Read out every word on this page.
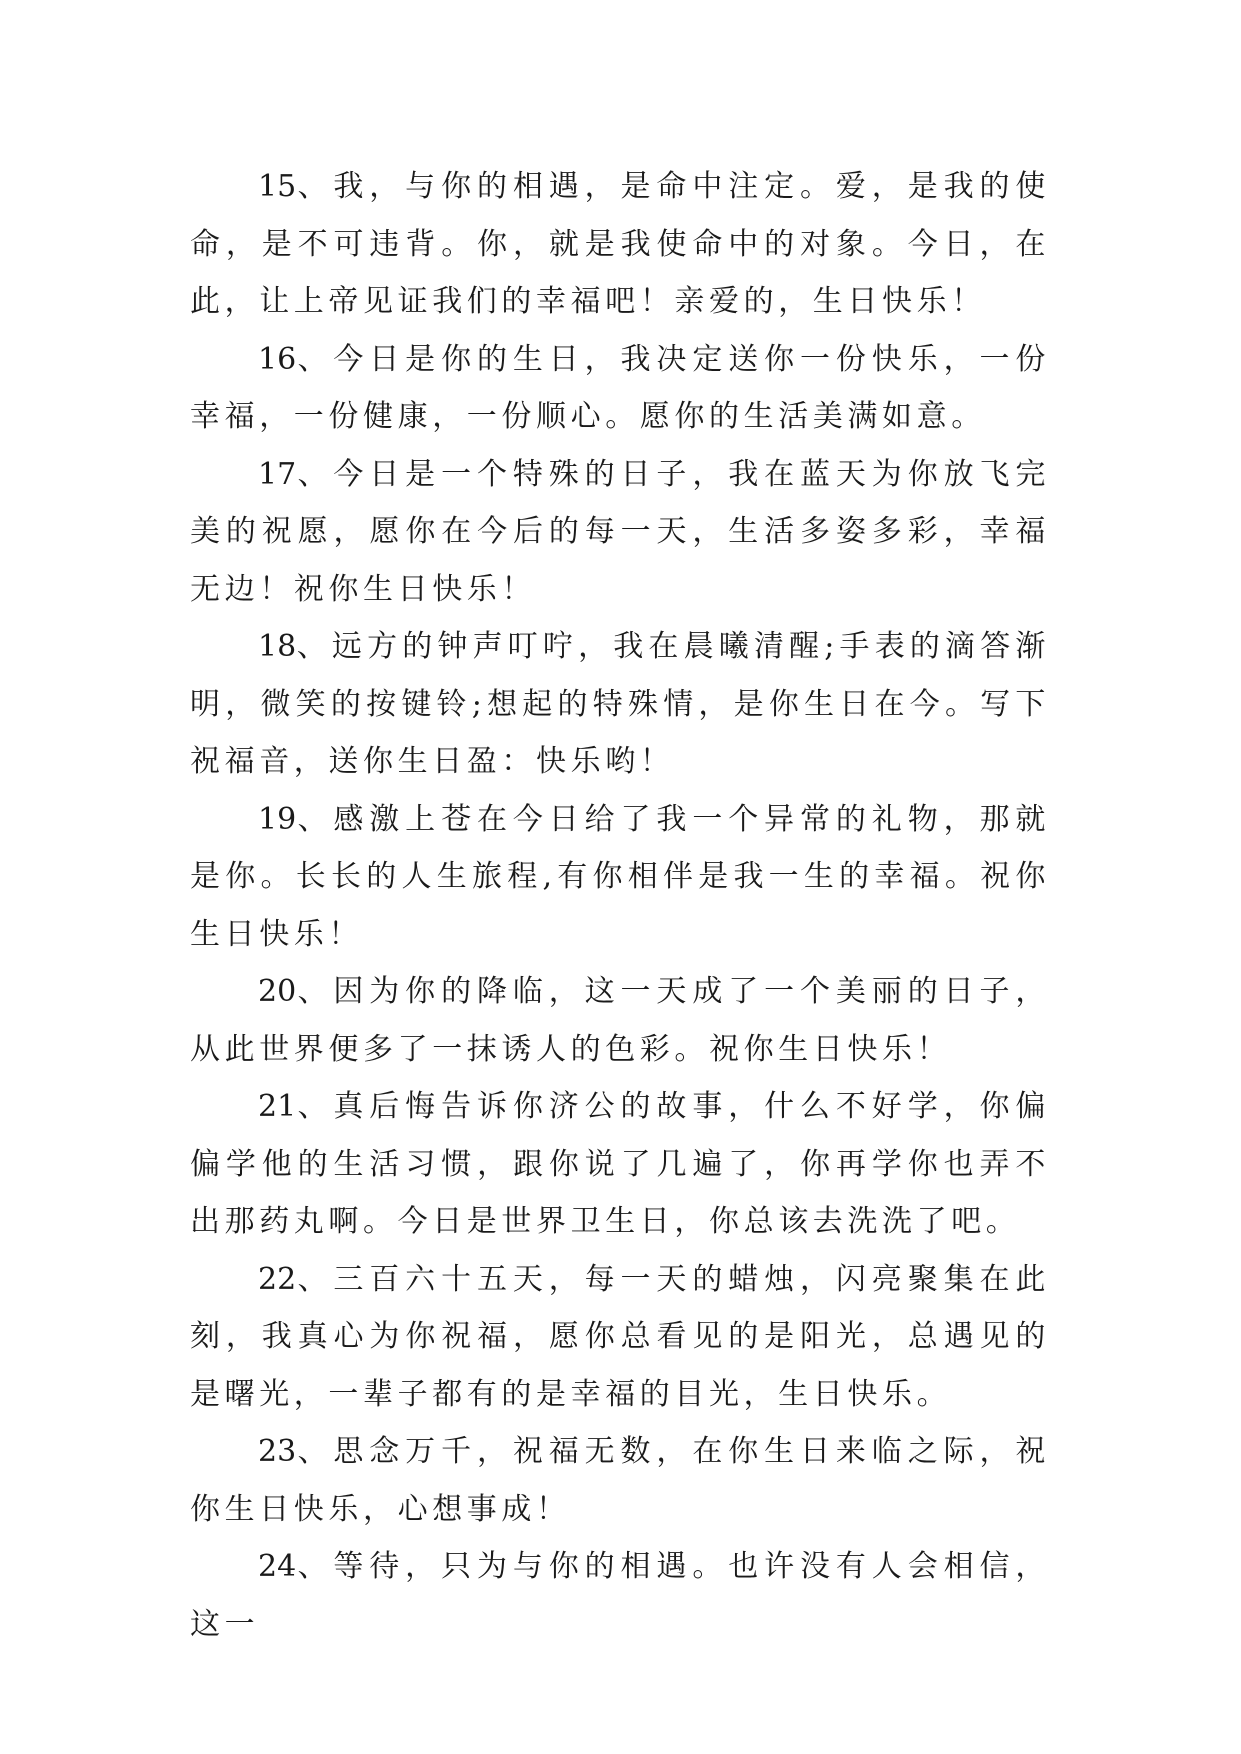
15、我，与你的相遇，是命中注定。爱，是我的使命，是不可违背。你，就是我使命中的对象。今日，在此，让上帝见证我们的幸福吧！亲爱的，生日快乐！

16、今日是你的生日，我决定送你一份快乐，一份幸福，一份健康，一份顺心。愿你的生活美满如意。

17、今日是一个特殊的日子，我在蓝天为你放飞完美的祝愿，愿你在今后的每一天，生活多姿多彩，幸福无边！祝你生日快乐！

18、远方的钟声叮咛，我在晨曦清醒;手表的滴答渐明，微笑的按键铃;想起的特殊情，是你生日在今。写下祝福音，送你生日盈：快乐哟！

19、感激上苍在今日给了我一个异常的礼物，那就是你。长长的人生旅程,有你相伴是我一生的幸福。祝你生日快乐！

20、因为你的降临，这一天成了一个美丽的日子，从此世界便多了一抹诱人的色彩。祝你生日快乐！

21、真后悔告诉你济公的故事，什么不好学，你偏偏学他的生活习惯，跟你说了几遍了，你再学你也弄不出那药丸啊。今日是世界卫生日，你总该去洗洗了吧。

22、三百六十五天，每一天的蜡烛，闪亮聚集在此刻，我真心为你祝福，愿你总看见的是阳光，总遇见的是曙光，一辈子都有的是幸福的目光，生日快乐。

23、思念万千，祝福无数，在你生日来临之际，祝你生日快乐，心想事成！

24、等待，只为与你的相遇。也许没有人会相信，这一
